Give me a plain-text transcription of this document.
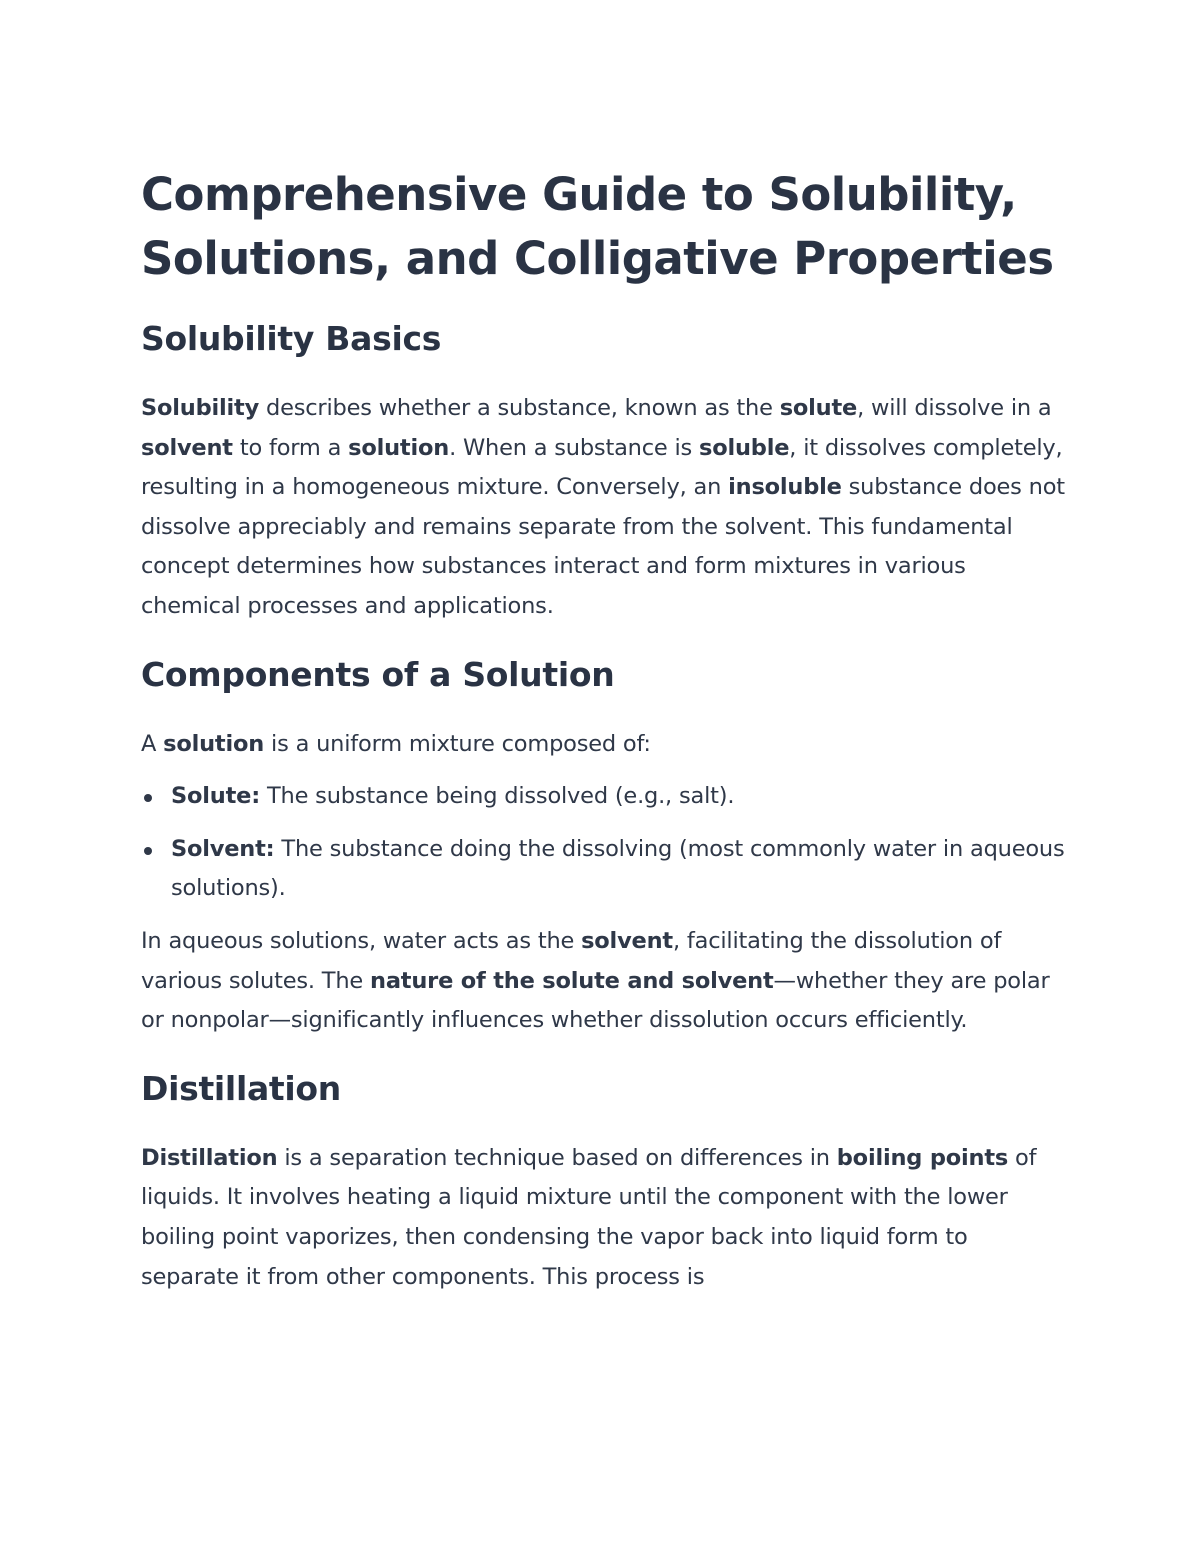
Comprehensive Guide to Solubility, Solutions, and Colligative Properties
Solubility Basics

Solubility describes whether a substance, known as the solute, will dissolve in a solvent to form a solution. When a substance is soluble, it dissolves completely, resulting in a homogeneous mixture. Conversely, an insoluble substance does not dissolve appreciably and remains separate from the solvent. This fundamental concept determines how substances interact and form mixtures in various chemical processes and applications.

Components of a Solution

A solution is a uniform mixture composed of:

Solute: The substance being dissolved (e.g., salt).
Solvent: The substance doing the dissolving (most commonly water in aqueous solutions).

In aqueous solutions, water acts as the solvent, facilitating the dissolution of various solutes. The nature of the solute and solvent—whether they are polar or nonpolar—significantly influences whether dissolution occurs efficiently.

Distillation

Distillation is a separation technique based on differences in boiling points of liquids. It involves heating a liquid mixture until the component with the lower boiling point vaporizes, then condensing the vapor back into liquid form to separate it from other components. This process is
